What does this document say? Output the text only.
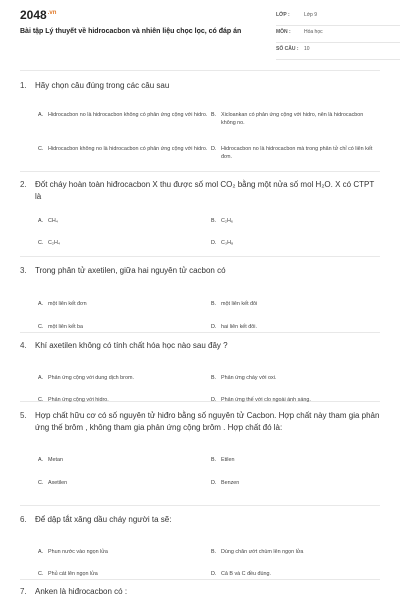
$2048^{.vn}$
Bài tập Lý thuyết về hidrocacbon và nhiên liệu chọc lọc, có đáp án
LỚP :	Lớp 9
MÔN :	Hóa học
SỐ CÂU :	10
1.	Hãy chọn câu đúng trong các câu sau
A. Hidrocacbon no là hidrocacbon không có phản ứng cộng với hidro. B. Xicloankan có phản ứng cộng với hidro, nên là hidrocacbon không no.
C. Hidrocacbon không no là hidrocacbon có phản ứng cộng với hidro. D. Hidrocacbon no là hidrocacbon mà trong phân tử chỉ có liên kết đơn.
2.	Đốt cháy hoàn toàn hiđrocacbon X thu được số mol CO₂ bằng một nửa số mol H₂O. X có CTPT là
A. CH₄	B. C₂H₆
C. C₂H₄	D. C₃H₈
3.	Trong phân tử axetilen, giữa hai nguyên tử cacbon có
A. một liên kết đơn	B. một liên kết đôi
C. một liên kết ba	D. hai liên kết đôi.
4.	Khí axetilen không có tính chất hóa học nào sau đây ?
A. Phản ứng cộng với dung dịch brom.	B. Phản ứng cháy với oxi.
C. Phản ứng cộng với hidro.	D. Phản ứng thế với clo ngoài ánh sáng.
5.	Hợp chất hữu cơ có số nguyên tử hiđro bằng số nguyên tử Cacbon. Hợp chất này tham gia phản ứng thế brôm , không tham gia phản ứng cộng brôm . Hợp chất đó là:
A. Metan	B. Etilen
C. Axetilen	D. Benzen
6.	Để dập tắt xăng dầu cháy người ta sẽ:
A. Phun nước vào ngọn lửa	B. Dùng chăn ướt chùm lên ngọn lửa
C. Phủ cát lên ngọn lửa	D. Cả B và C đều đúng.
7.	Anken là hiđrocacbon có :
